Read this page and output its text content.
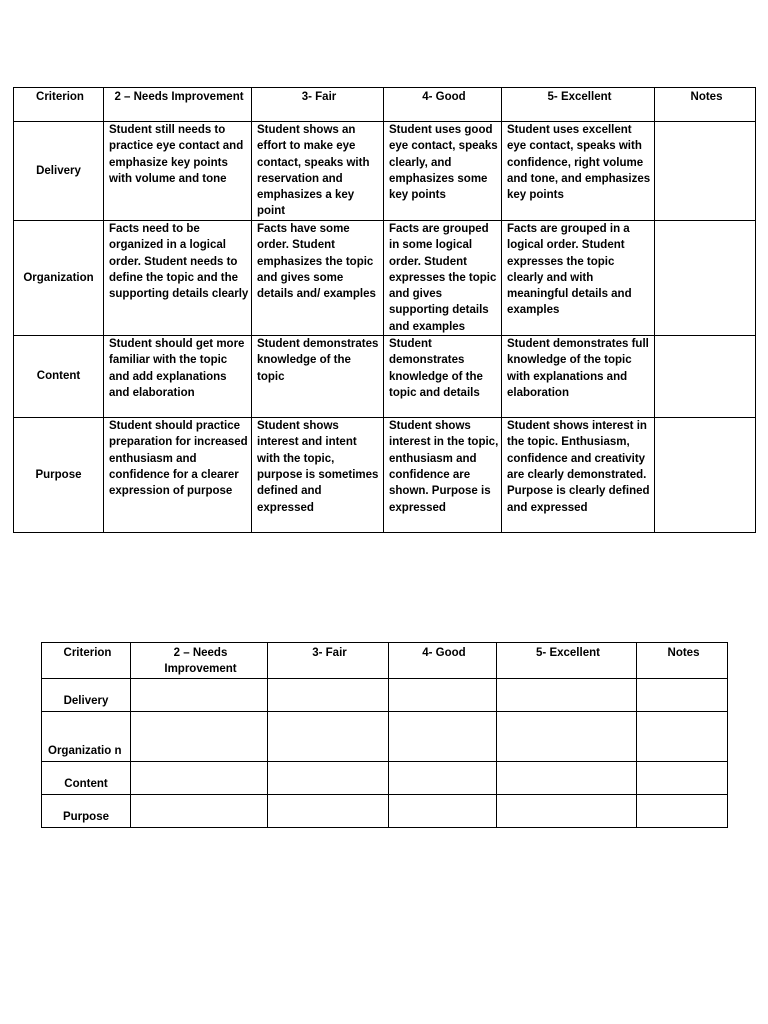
Criterion	2 – Needs Improvement	3- Fair	4- Good	5- Excellent	Notes
Delivery	Student still needs to practice eye contact and emphasize key points with volume and tone	Student shows an effort to make eye contact, speaks with reservation and emphasizes a key point	Student uses good eye contact, speaks clearly, and emphasizes some key points	Student uses excellent eye contact, speaks with confidence, right volume and tone, and emphasizes key points	
Organization	Facts need to be organized in a logical order. Student needs to define the topic and the supporting details clearly	Facts have some order. Student emphasizes the topic and gives some details and/ examples	Facts are grouped in some logical order. Student expresses the topic and gives supporting details and examples	Facts are grouped in a logical order. Student expresses the topic clearly and with meaningful details and examples	
Content	Student should get more familiar with the topic and add explanations and elaboration	Student demonstrates knowledge of the topic	Student demonstrates knowledge of the topic and details	Student demonstrates full knowledge of the topic with explanations and elaboration	
Purpose	Student should practice preparation for increased enthusiasm and confidence for a clearer expression of purpose	Student shows interest and intent with the topic, purpose is sometimes defined and expressed	Student shows interest in the topic, enthusiasm and confidence are shown. Purpose is expressed	Student shows interest in the topic. Enthusiasm, confidence and creativity are clearly demonstrated. Purpose is clearly defined and expressed	
Criterion	2 – Needs Improvement	3- Fair	4- Good	5- Excellent	Notes
Delivery					
Organizatio n					
Content					
Purpose					
